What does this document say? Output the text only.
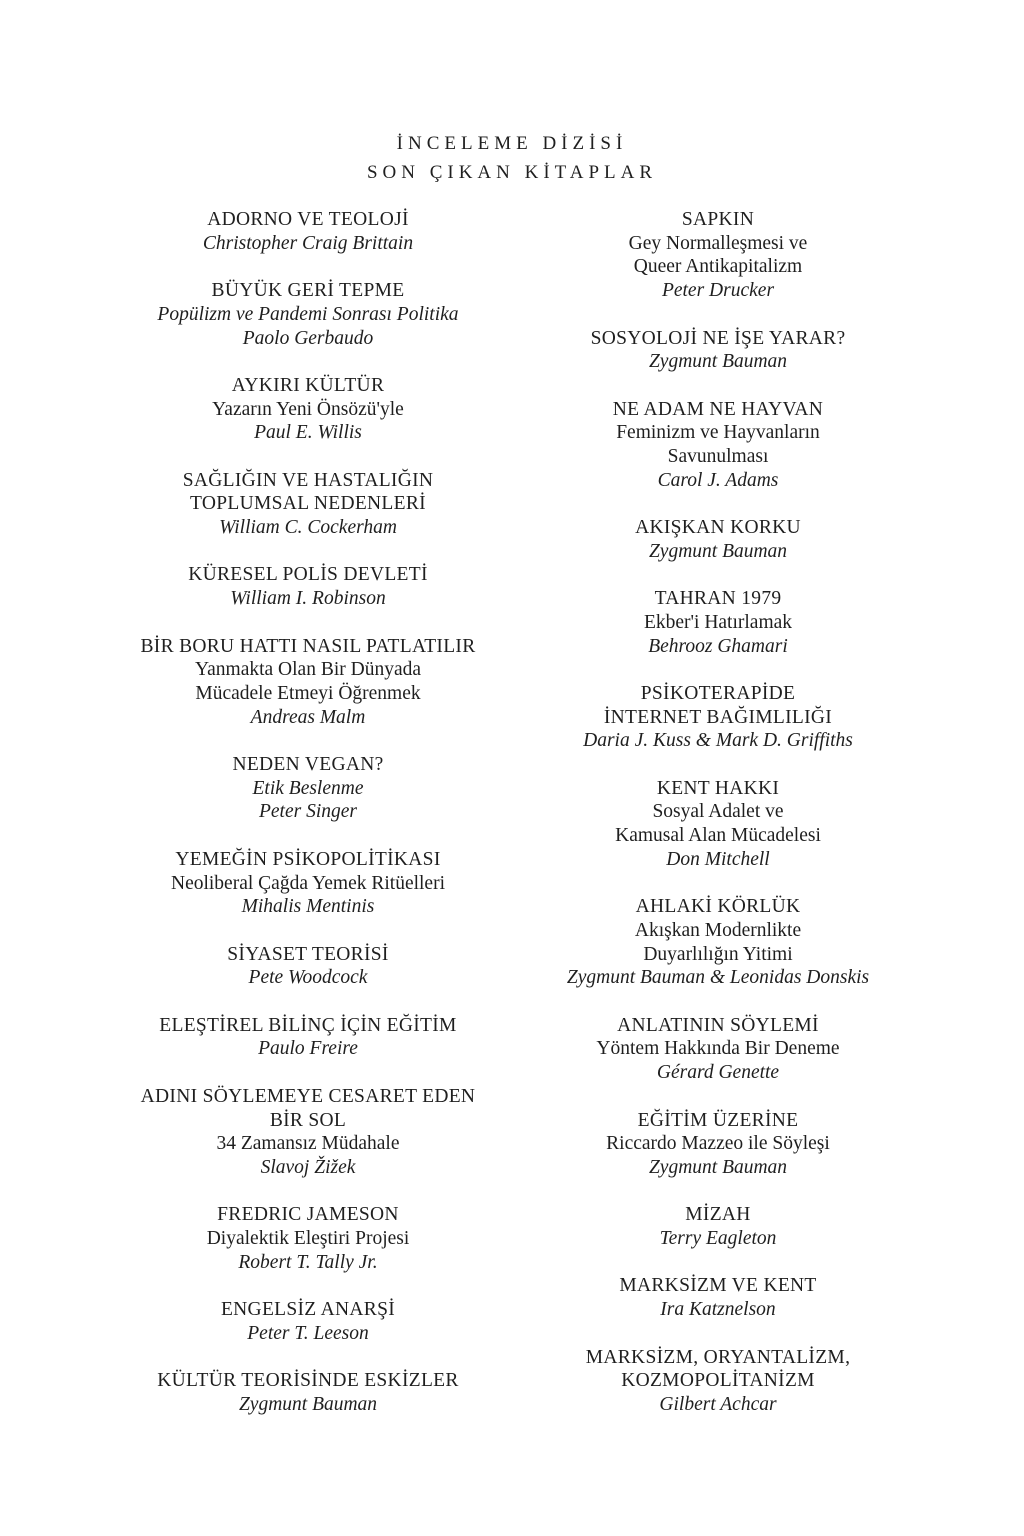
İNCELEME DİZİSİ
SON ÇIKAN KİTAPLAR
ADORNO VE TEOLOJİ
Christopher Craig Brittain
BÜYÜK GERİ TEPME
Popülizm ve Pandemi Sonrası Politika
Paolo Gerbaudo
AYKIRI KÜLTÜR
Yazarın Yeni Önsözü'yle
Paul E. Willis
SAĞLIĞIN VE HASTALIĞIN
TOPLUMSAL NEDENLERİ
William C. Cockerham
KÜRESEL POLİS DEVLETİ
William I. Robinson
BİR BORU HATTI NASIL PATLATILIR
Yanmakta Olan Bir Dünyada
Mücadele Etmeyi Öğrenmek
Andreas Malm
NEDEN VEGAN?
Etik Beslenme
Peter Singer
YEMEĞİN PSİKOPOLİTİKASI
Neoliberal Çağda Yemek Ritüelleri
Mihalis Mentinis
SİYASET TEORİSİ
Pete Woodcock
ELEŞTİREL BİLİNÇ İÇİN EĞİTİM
Paulo Freire
ADINI SÖYLEMEYE CESARET EDEN
BİR SOL
34 Zamansız Müdahale
Slavoj Žižek
FREDRIC JAMESON
Diyalektik Eleştiri Projesi
Robert T. Tally Jr.
ENGELSİZ ANARŞİ
Peter T. Leeson
KÜLTÜR TEORİSİNDE ESKİZLER
Zygmunt Bauman
SAPKIN
Gey Normalleşmesi ve
Queer Antikapitalizm
Peter Drucker
SOSYOLOJİ NE İŞE YARAR?
Zygmunt Bauman
NE ADAM NE HAYVAN
Feminizm ve Hayvanların
Savunulması
Carol J. Adams
AKIŞKAN KORKU
Zygmunt Bauman
TAHRAN 1979
Ekber'i Hatırlamak
Behrooz Ghamari
PSİKOTERAPİDE
İNTERNET BAĞIMLILIĞI
Daria J. Kuss & Mark D. Griffiths
KENT HAKKI
Sosyal Adalet ve
Kamusal Alan Mücadelesi
Don Mitchell
AHLAKİ KÖRLÜK
Akışkan Modernlikte
Duyarlılığın Yitimi
Zygmunt Bauman & Leonidas Donskis
ANLATININ SÖYLEMİ
Yöntem Hakkında Bir Deneme
Gérard Genette
EĞİTİM ÜZERİNE
Riccardo Mazzeo ile Söyleşi
Zygmunt Bauman
MİZAH
Terry Eagleton
MARKSİZM VE KENT
Ira Katznelson
MARKSİZM, ORYANTALİZM,
KOZMOPOLİTANİZM
Gilbert Achcar
